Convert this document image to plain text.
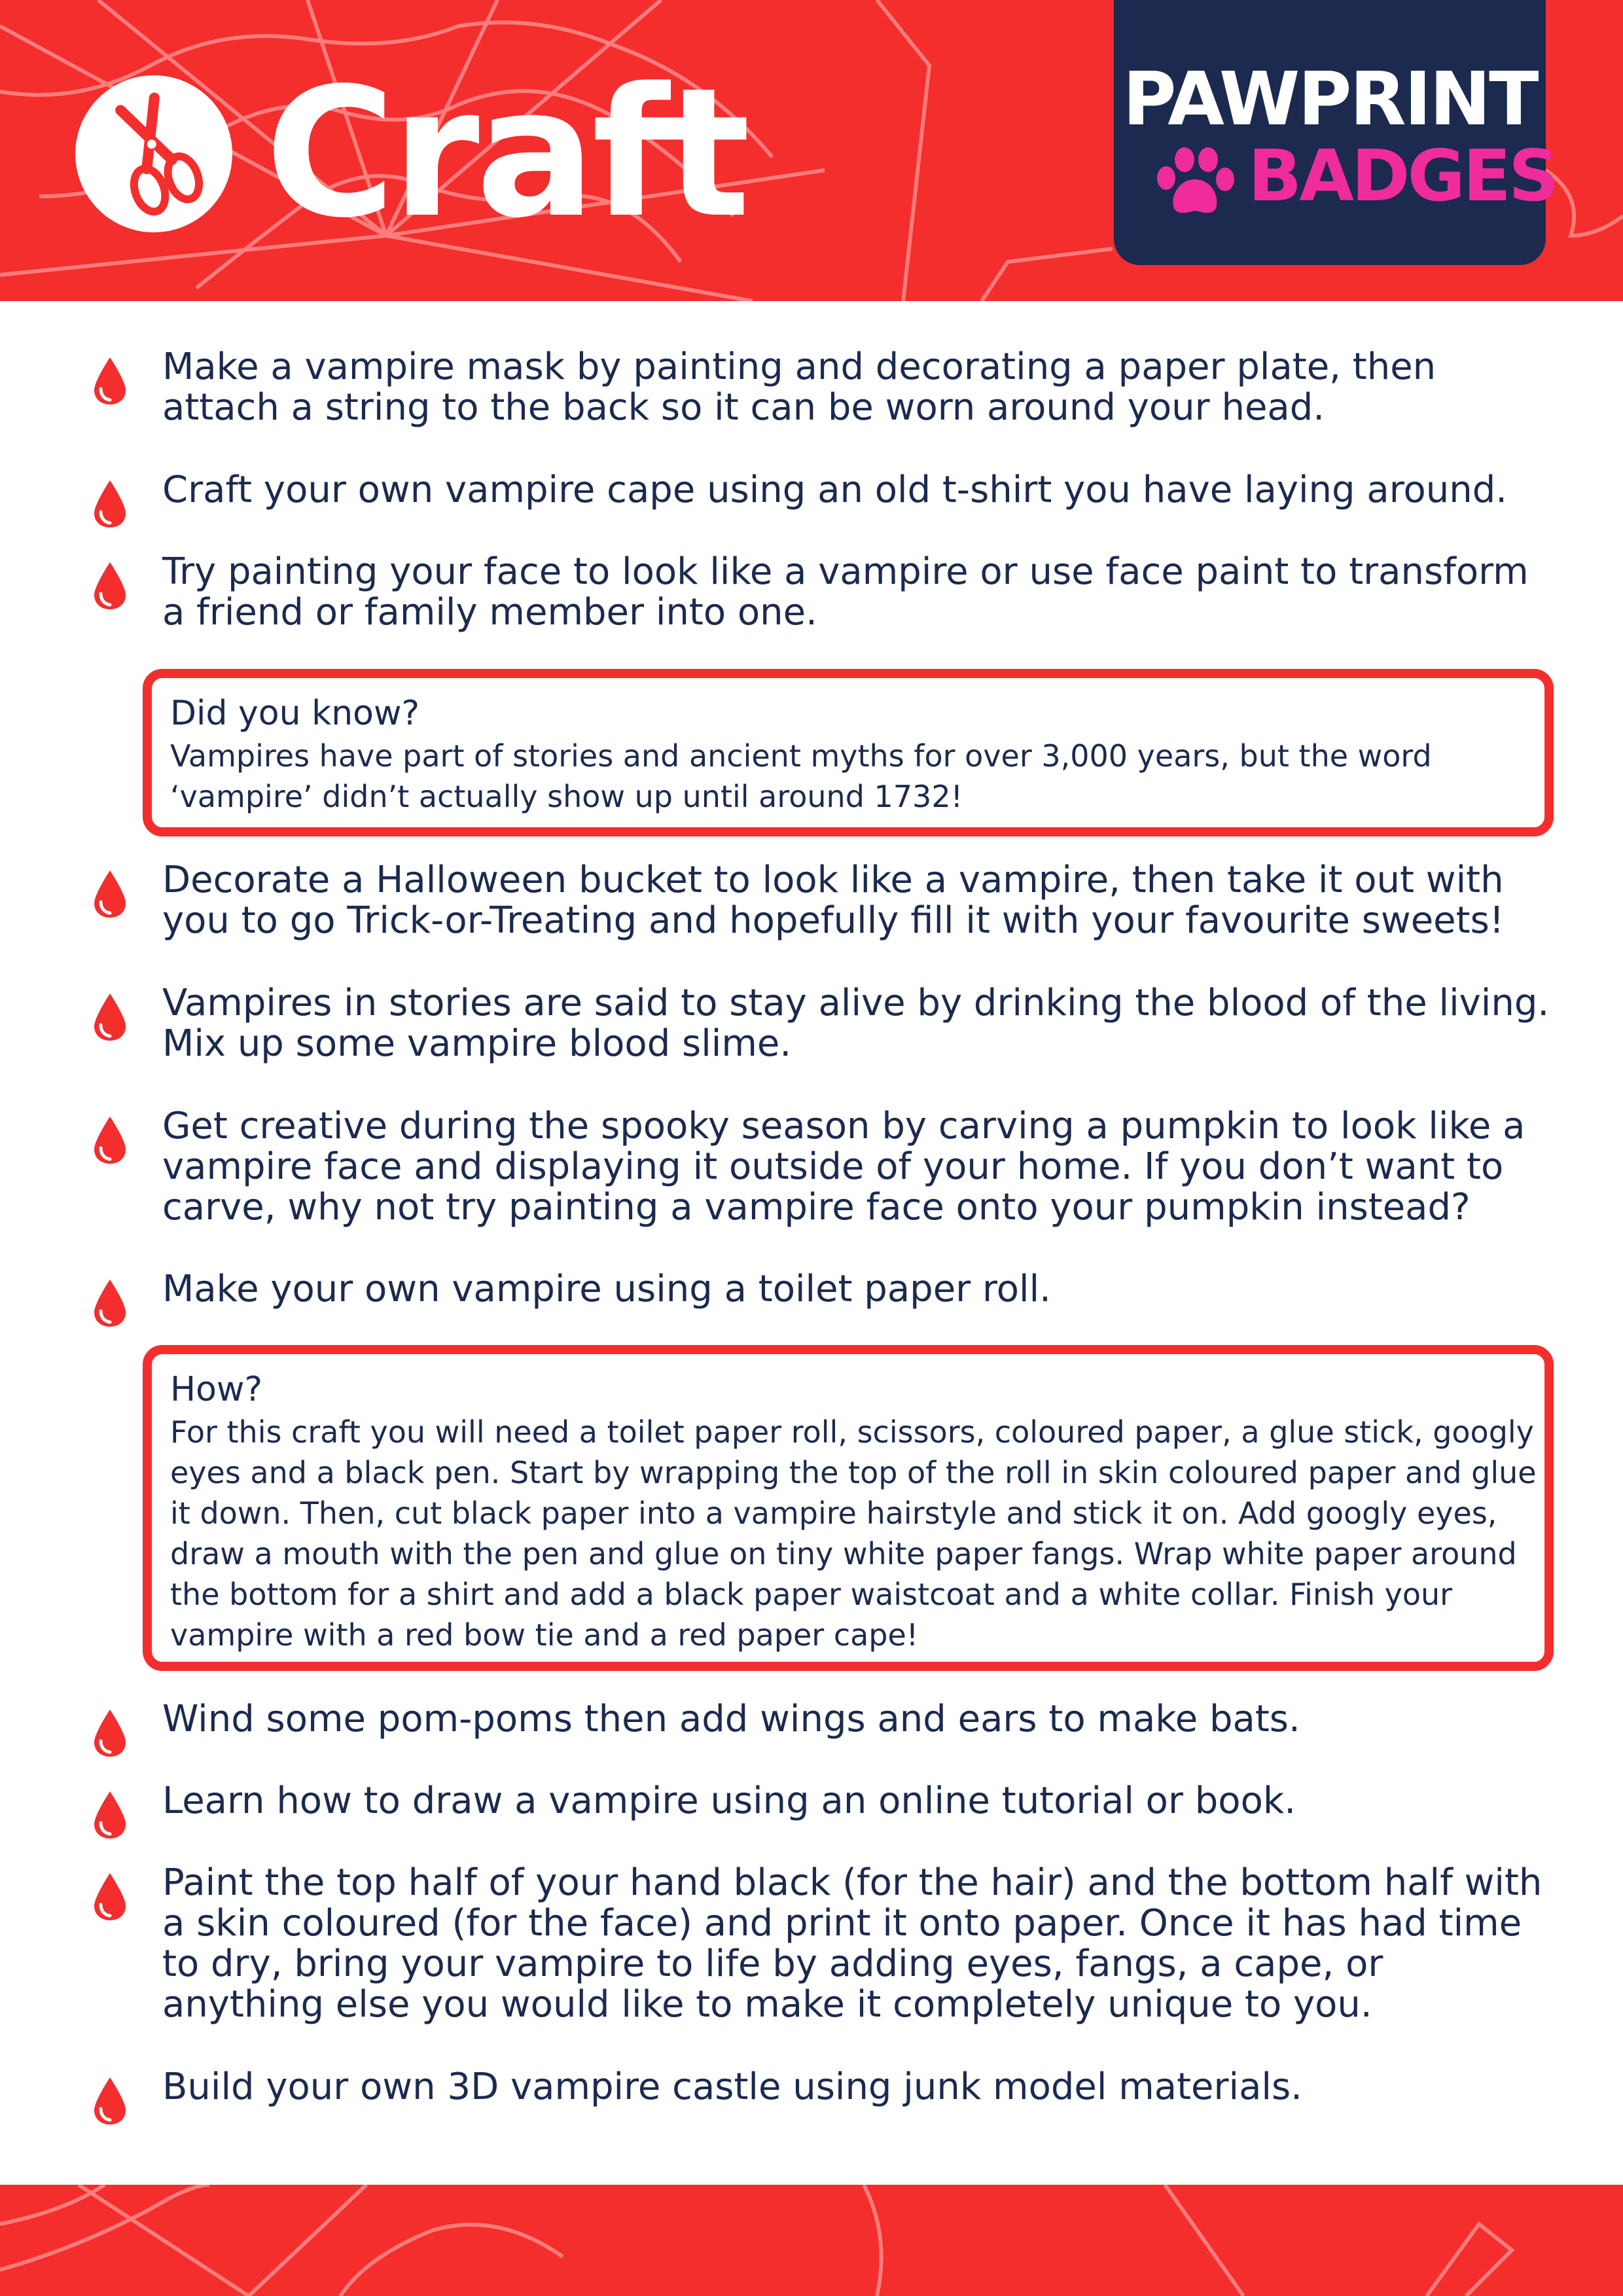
Craft	PAWPRINT
BADGES
Make a vampire mask by painting and decorating a paper plate, then attach a string to the back so it can be worn around your head.
Craft your own vampire cape using an old t-shirt you have laying around.
Try painting your face to look like a vampire or use face paint to transform a friend or family member into one.
Did you know?
Vampires have part of stories and ancient myths for over 3,000 years, but the word ‘vampire’ didn’t actually show up until around 1732!
Decorate a Halloween bucket to look like a vampire, then take it out with you to go Trick-or-Treating and hopefully fill it with your favourite sweets!
Vampires in stories are said to stay alive by drinking the blood of the living. Mix up some vampire blood slime.
Get creative during the spooky season by carving a pumpkin to look like a vampire face and displaying it outside of your home. If you don’t want to carve, why not try painting a vampire face onto your pumpkin instead?
Make your own vampire using a toilet paper roll.
How?
For this craft you will need a toilet paper roll, scissors, coloured paper, a glue stick, googly eyes and a black pen. Start by wrapping the top of the roll in skin coloured paper and glue it down. Then, cut black paper into a vampire hairstyle and stick it on. Add googly eyes, draw a mouth with the pen and glue on tiny white paper fangs. Wrap white paper around the bottom for a shirt and add a black paper waistcoat and a white collar. Finish your vampire with a red bow tie and a red paper cape!
Wind some pom-poms then add wings and ears to make bats.
Learn how to draw a vampire using an online tutorial or book.
Paint the top half of your hand black (for the hair) and the bottom half with a skin coloured (for the face) and print it onto paper. Once it has had time to dry, bring your vampire to life by adding eyes, fangs, a cape, or anything else you would like to make it completely unique to you.
Build your own 3D vampire castle using junk model materials.
